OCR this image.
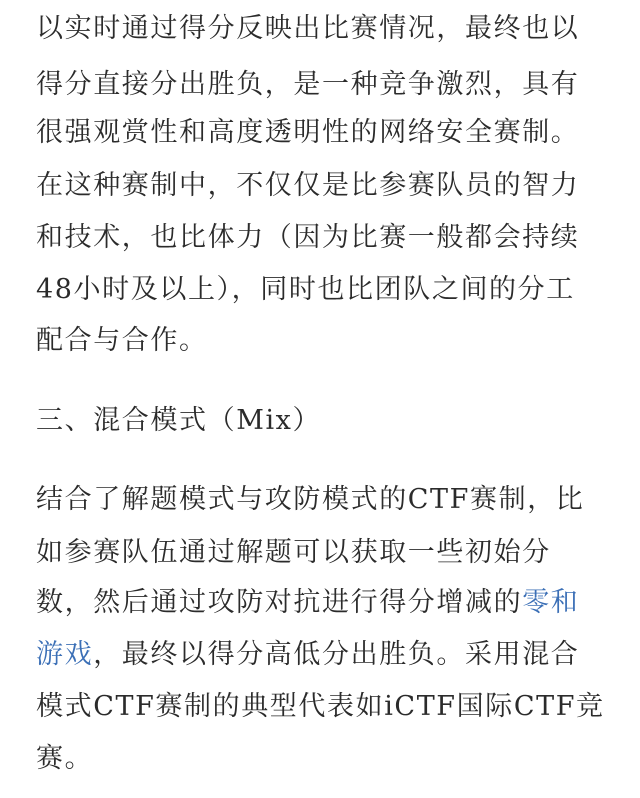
以实时通过得分反映出比赛情况，最终也以
得分直接分出胜负，是一种竞争激烈，具有
很强观赏性和高度透明性的网络安全赛制。
在这种赛制中，不仅仅是比参赛队员的智力
和技术，也比体力（因为比赛一般都会持续
48小时及以上），同时也比团队之间的分工
配合与合作。
三、混合模式（Mix）
结合了解题模式与攻防模式的CTF赛制，比
如参赛队伍通过解题可以获取一些初始分
数，然后通过攻防对抗进行得分增减的零和
游戏，最终以得分高低分出胜负。采用混合
模式CTF赛制的典型代表如iCTF国际CTF竞
赛。
